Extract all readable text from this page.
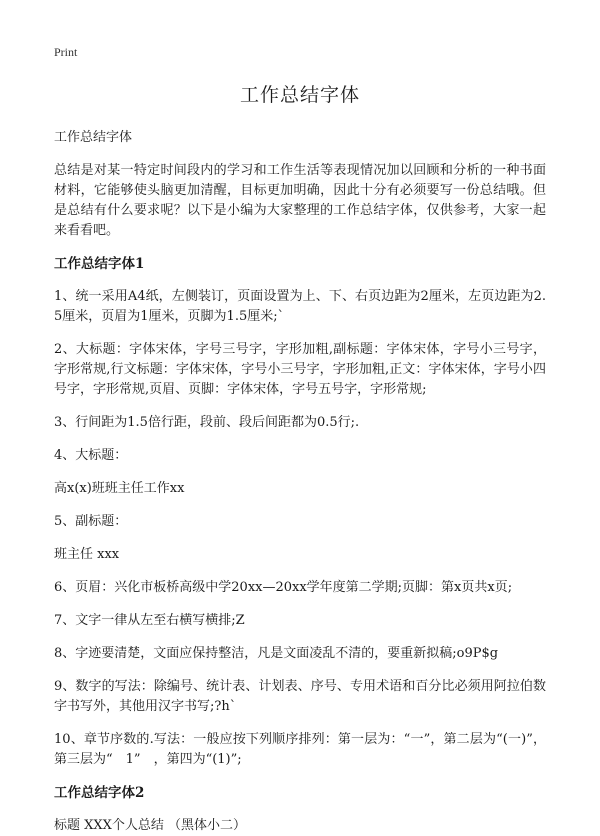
Print
工作总结字体

工作总结字体

总结是对某一特定时间段内的学习和工作生活等表现情况加以回顾和分析的一种书面材料，它能够使头脑更加清醒，目标更加明确，因此十分有必须要写一份总结哦。但是总结有什么要求呢？以下是小编为大家整理的工作总结字体，仅供参考，大家一起来看看吧。

工作总结字体1

1、统一采用A4纸，左侧装订，页面设置为上、下、右页边距为2厘米，左页边距为2.5厘米，页眉为1厘米，页脚为1.5厘米;`

2、大标题：字体宋体，字号三号字，字形加粗,副标题：字体宋体，字号小三号字，字形常规,行文标题：字体宋体，字号小三号字，字形加粗,正文：字体宋体，字号小四号字，字形常规,页眉、页脚：字体宋体，字号五号字，字形常规;

3、行间距为1.5倍行距，段前、段后间距都为0.5行;.

4、大标题：

高x(x)班班主任工作xx

5、副标题：

班主任 xxx

6、页眉：兴化市板桥高级中学20xx—20xx学年度第二学期;页脚：第x页共x页;

7、文字一律从左至右横写横排;Z

8、字迹要清楚，文面应保持整洁，凡是文面凌乱不清的，要重新拟稿;o9P$g

9、数字的写法：除编号、统计表、计划表、序号、专用术语和百分比必须用阿拉伯数字书写外，其他用汉字书写;?h`

10、章节序数的.写法：一般应按下列顺序排列：第一层为：“一”，第二层为“(一)”，第三层为“　1”　，第四为“(1)”;

工作总结字体2

标题 XXX个人总结 （黑体小二）
